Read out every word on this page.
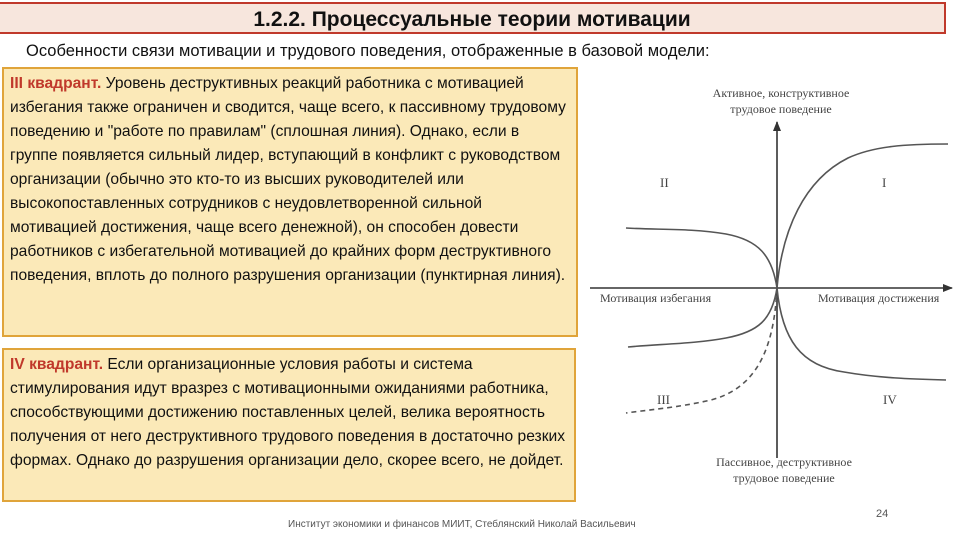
1.2.2. Процессуальные теории мотивации
Особенности связи мотивации и трудового поведения, отображенные в базовой модели:
III квадрант. Уровень деструктивных реакций работника с мотивацией избегания также ограничен и сводится, чаще всего, к пассивному трудовому поведению и "работе по правилам" (сплошная линия). Однако, если в группе появляется сильный лидер, вступающий в конфликт с руководством организации (обычно это кто-то из высших руководителей или высокопоставленных сотрудников с неудовлетворенной сильной мотивацией достижения, чаще всего денежной), он способен довести работников с избегательной мотивацией до крайних форм деструктивного поведения, вплоть до полного разрушения организации (пунктирная линия).
IV квадрант. Если организационные условия работы и система стимулирования идут вразрез с мотивационными ожиданиями работника, способствующими достижению поставленных целей, велика вероятность получения от него деструктивного трудового поведения в достаточно резких формах. Однако до разрушения организации дело, скорее всего, не дойдет.
Активное, конструктивное
трудовое поведение
Пассивное, деструктивное
трудовое поведение
Мотивация избегания	Мотивация достижения
I
II
III	IV
Институт экономики и финансов МИИТ, Стеблянский Николай Васильевич
24
